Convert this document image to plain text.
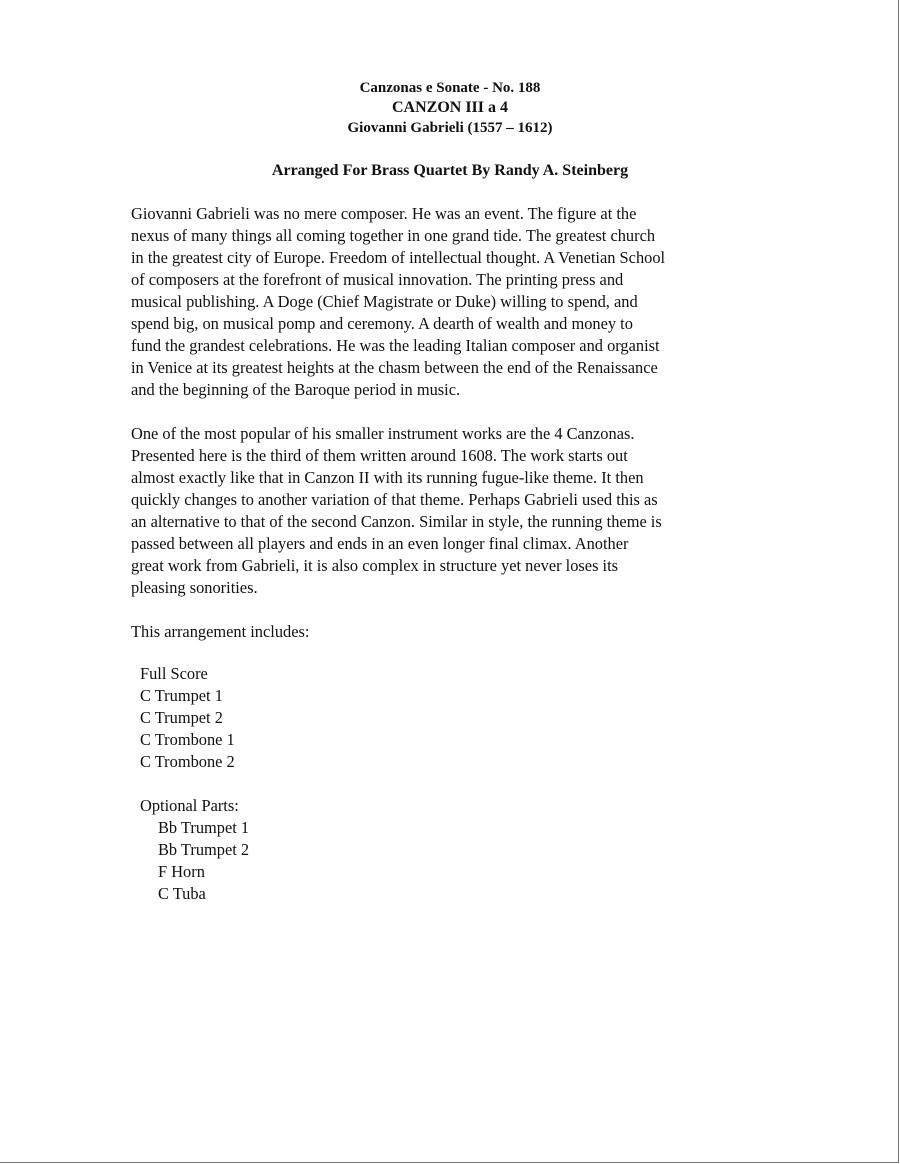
Canzonas e Sonate - No. 188
CANZON III a 4
Giovanni Gabrieli (1557 – 1612)
Arranged For Brass Quartet By Randy A. Steinberg

Giovanni Gabrieli was no mere composer. He was an event. The figure at the
nexus of many things all coming together in one grand tide. The greatest church
in the greatest city of Europe. Freedom of intellectual thought. A Venetian School
of composers at the forefront of musical innovation. The printing press and
musical publishing. A Doge (Chief Magistrate or Duke) willing to spend, and
spend big, on musical pomp and ceremony. A dearth of wealth and money to
fund the grandest celebrations. He was the leading Italian composer and organist
in Venice at its greatest heights at the chasm between the end of the Renaissance
and the beginning of the Baroque period in music.

One of the most popular of his smaller instrument works are the 4 Canzonas.
Presented here is the third of them written around 1608. The work starts out
almost exactly like that in Canzon II with its running fugue-like theme. It then
quickly changes to another variation of that theme. Perhaps Gabrieli used this as
an alternative to that of the second Canzon. Similar in style, the running theme is
passed between all players and ends in an even longer final climax. Another
great work from Gabrieli, it is also complex in structure yet never loses its
pleasing sonorities.

This arrangement includes:
Full Score
C Trumpet 1
C Trumpet 2
C Trombone 1
C Trombone 2
Optional Parts:
Bb Trumpet 1
Bb Trumpet 2
F Horn
C Tuba
